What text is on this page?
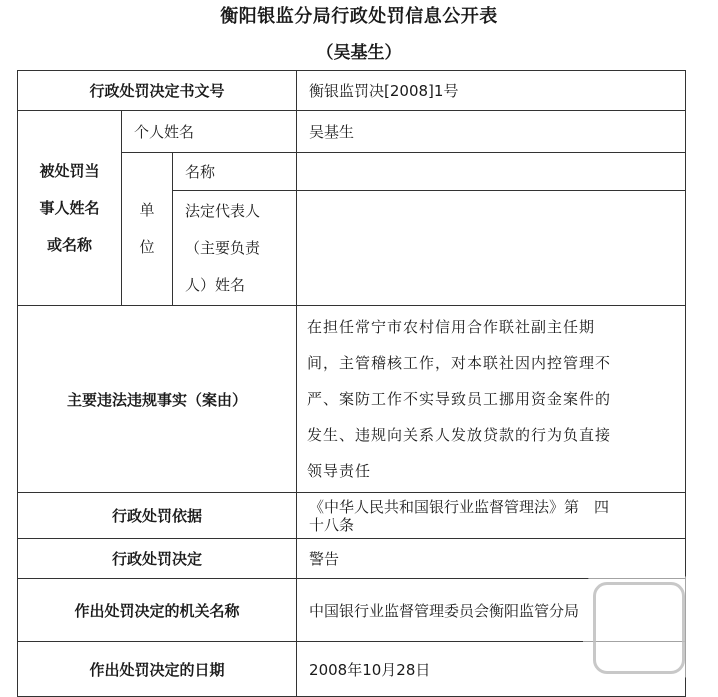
衡阳银监分局行政处罚信息公开表
（吴基生）
行政处罚决定书文号			衡银监罚决[2008]1号

被处罚当
事人姓名
或名称	个人姓名		吴基生

	单
位	名称	

		法定代表人
（主要负责
人）姓名	

主要违法违规事实（案由）			在担任常宁市农村信用合作联社副主任期
间，主管稽核工作，对本联社因内控管理不
严、案防工作不实导致员工挪用资金案件的
发生、违规向关系人发放贷款的行为负直接
领导责任

行政处罚依据			《中华人民共和国银行业监督管理法》第　四
十八条

行政处罚决定			警告
作出处罚决定的机关名称			中国银行业监督管理委员会衡阳监管分局
作出处罚决定的日期			2008年10月28日
